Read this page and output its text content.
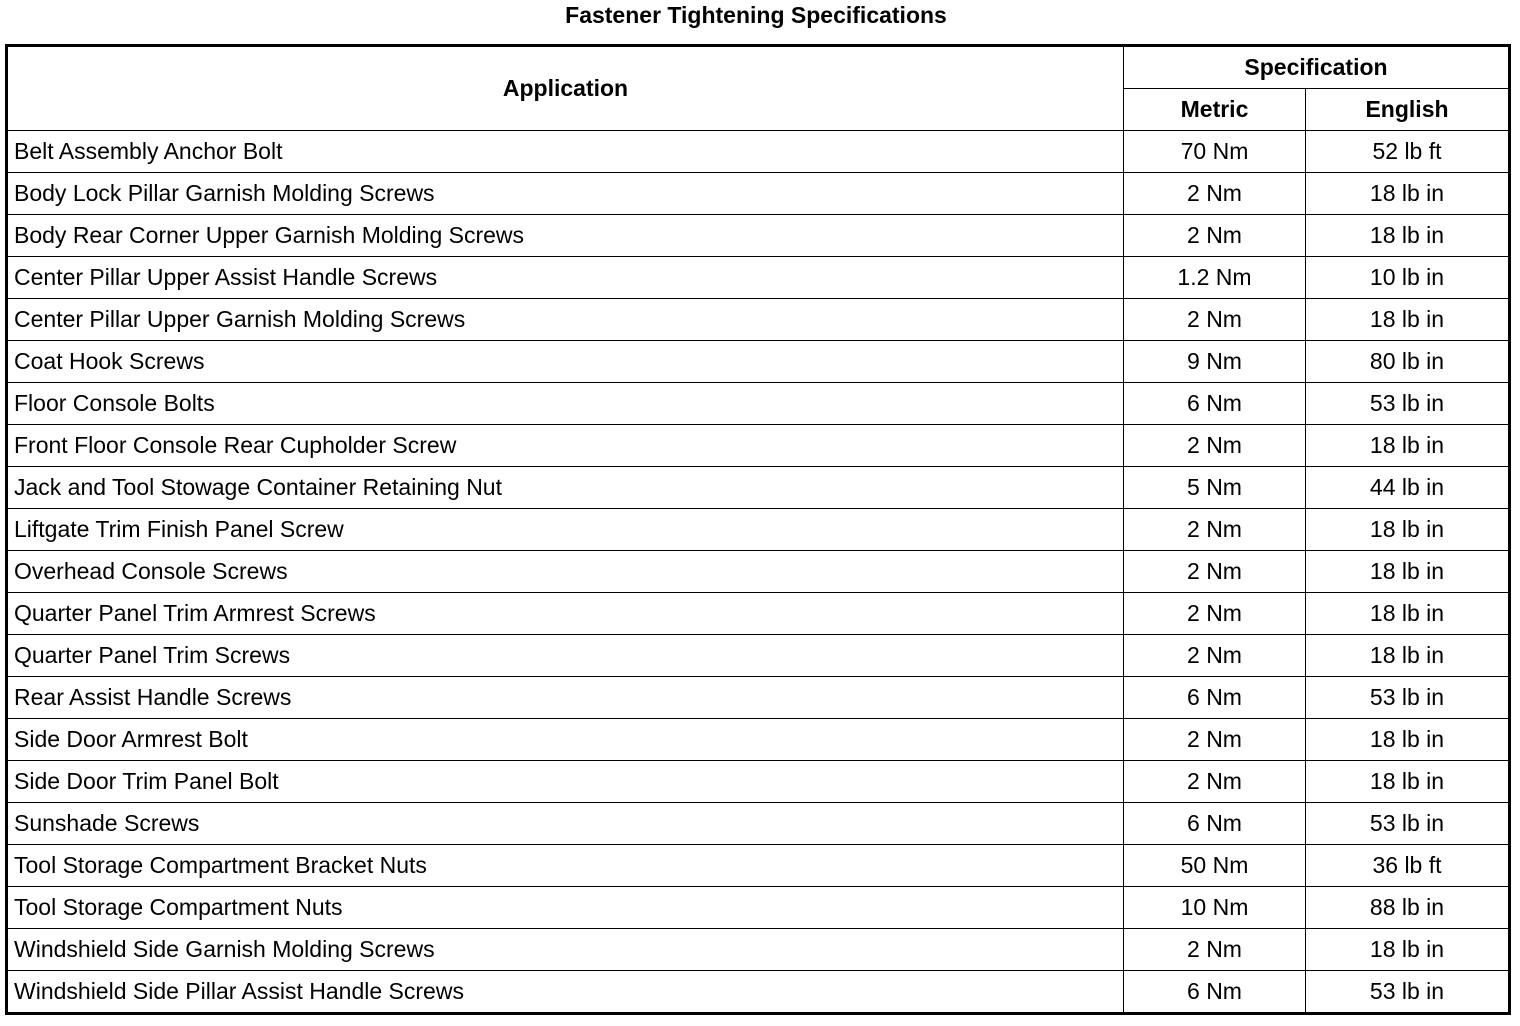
Fastener Tightening Specifications
Application	Specification	
	Metric	English
Belt Assembly Anchor Bolt	70 Nm	52 lb ft
Body Lock Pillar Garnish Molding Screws	2 Nm	18 lb in
Body Rear Corner Upper Garnish Molding Screws	2 Nm	18 lb in
Center Pillar Upper Assist Handle Screws	1.2 Nm	10 lb in
Center Pillar Upper Garnish Molding Screws	2 Nm	18 lb in
Coat Hook Screws	9 Nm	80 lb in
Floor Console Bolts	6 Nm	53 lb in
Front Floor Console Rear Cupholder Screw	2 Nm	18 lb in
Jack and Tool Stowage Container Retaining Nut	5 Nm	44 lb in
Liftgate Trim Finish Panel Screw	2 Nm	18 lb in
Overhead Console Screws	2 Nm	18 lb in
Quarter Panel Trim Armrest Screws	2 Nm	18 lb in
Quarter Panel Trim Screws	2 Nm	18 lb in
Rear Assist Handle Screws	6 Nm	53 lb in
Side Door Armrest Bolt	2 Nm	18 lb in
Side Door Trim Panel Bolt	2 Nm	18 lb in
Sunshade Screws	6 Nm	53 lb in
Tool Storage Compartment Bracket Nuts	50 Nm	36 lb ft
Tool Storage Compartment Nuts	10 Nm	88 lb in
Windshield Side Garnish Molding Screws	2 Nm	18 lb in
Windshield Side Pillar Assist Handle Screws	6 Nm	53 lb in
